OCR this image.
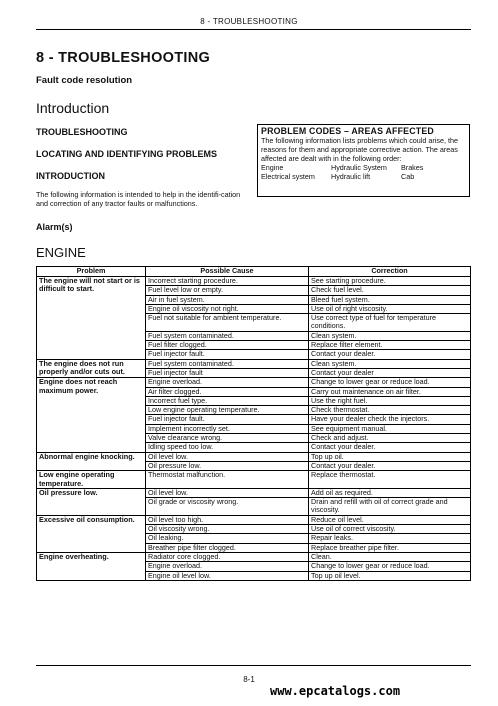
8 - TROUBLESHOOTING
8 - TROUBLESHOOTING
Fault code resolution
Introduction
TROUBLESHOOTING
LOCATING AND IDENTIFYING PROBLEMS
INTRODUCTION
The following information is intended to help in the identifi-cation and correction of any tractor faults or malfunctions.
Alarm(s)
PROBLEM CODES – AREAS AFFECTED
The following information lists problems which could arise, the reasons for them and appropriate corrective action. The areas affected are dealt with in the following order:
Engine	Hydraulic System	Brakes
Electrical system	Hydraulic lift	Cab
ENGINE
Problem	Possible Cause	Correction
The engine will not start or is difficult to start.	Incorrect starting procedure.	See starting procedure.
	Fuel level low or empty.	Check fuel level.
	Air in fuel system.	Bleed fuel system.
	Engine oil viscosity not right.	Use oil of right viscosity.
	Fuel not suitable for ambient temperature.	Use correct type of fuel for temperature conditions.
	Fuel system contaminated.	Clean system.
	Fuel filter clogged.	Replace filter element.
	Fuel injector fault.	Contact your dealer.
The engine does not run properly and/or cuts out.	Fuel system contaminated.	Clean system.
	Fuel injector fault	Contact your dealer
Engine does not reach maximum power.	Engine overload.	Change to lower gear or reduce load.
	Air filter clogged.	Carry out maintenance on air filter.
	Incorrect fuel type.	Use the right fuel.
	Low engine operating temperature.	Check thermostat.
	Fuel injector fault.	Have your dealer check the injectors.
	Implement incorrectly set.	See equipment manual.
	Valve clearance wrong.	Check and adjust.
	Idling speed too low.	Contact your dealer.
Abnormal engine knocking.	Oil level low.	Top up oil.
	Oil pressure low.	Contact your dealer.
Low engine operating temperature.	Thermostat malfunction.	Replace thermostat.
Oil pressure low.	Oil level low.	Add oil as required.
	Oil grade or viscosity wrong.	Drain and refill with oil of correct grade and viscosity.
Excessive oil consumption.	Oil level too high.	Reduce oil level.
	Oil viscosity wrong.	Use oil of correct viscosity.
	Oil leaking.	Repair leaks.
	Breather pipe filter clogged.	Replace breather pipe filter.
Engine overheating.	Radiator core clogged.	Clean.
	Engine overload.	Change to lower gear or reduce load.
	Engine oil level low.	Top up oil level.
8-1
www.epcatalogs.com
